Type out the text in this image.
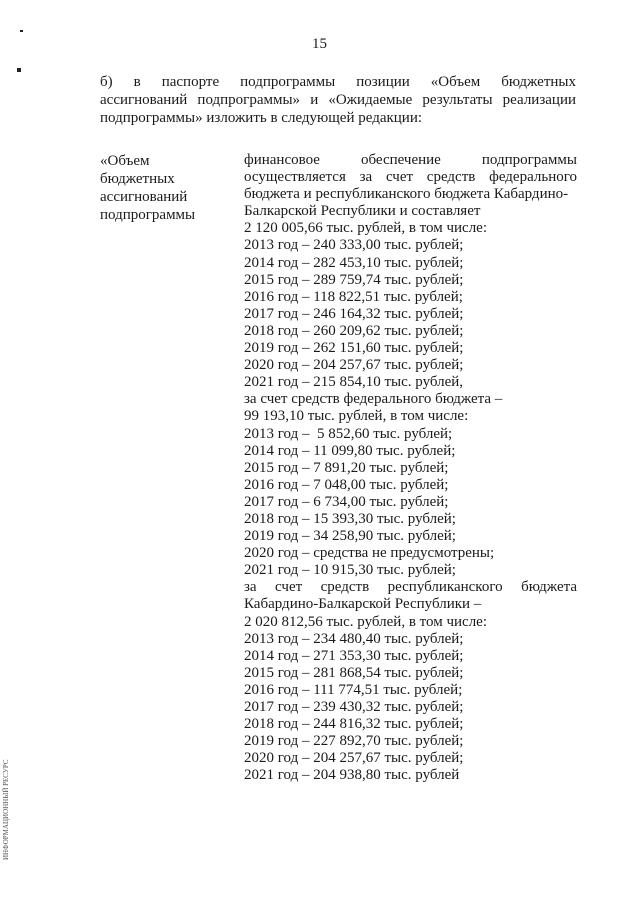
ИНФОРМАЦИОННЫЙ РЕСУРС
15
б) в паспорте подпрограммы позиции «Объем бюджетных
ассигнований подпрограммы» и «Ожидаемые результаты реализации
подпрограммы» изложить в следующей редакции:
«Объем
бюджетных
ассигнований
подпрограммы
финансовое обеспечение подпрограммы
осуществляется за счет средств федерального
бюджета и республиканского бюджета Кабардино-
Балкарской Республики и составляет
2 120 005,66 тыс. рублей, в том числе:
2013 год – 240 333,00 тыс. рублей;
2014 год – 282 453,10 тыс. рублей;
2015 год – 289 759,74 тыс. рублей;
2016 год – 118 822,51 тыс. рублей;
2017 год – 246 164,32 тыс. рублей;
2018 год – 260 209,62 тыс. рублей;
2019 год – 262 151,60 тыс. рублей;
2020 год – 204 257,67 тыс. рублей;
2021 год – 215 854,10 тыс. рублей,
за счет средств федерального бюджета –
99 193,10 тыс. рублей, в том числе:
2013 год –  5 852,60 тыс. рублей;
2014 год – 11 099,80 тыс. рублей;
2015 год – 7 891,20 тыс. рублей;
2016 год – 7 048,00 тыс. рублей;
2017 год – 6 734,00 тыс. рублей;
2018 год – 15 393,30 тыс. рублей;
2019 год – 34 258,90 тыс. рублей;
2020 год – средства не предусмотрены;
2021 год – 10 915,30 тыс. рублей;
за счет средств республиканского бюджета
Кабардино-Балкарской Республики –
2 020 812,56 тыс. рублей, в том числе:
2013 год – 234 480,40 тыс. рублей;
2014 год – 271 353,30 тыс. рублей;
2015 год – 281 868,54 тыс. рублей;
2016 год – 111 774,51 тыс. рублей;
2017 год – 239 430,32 тыс. рублей;
2018 год – 244 816,32 тыс. рублей;
2019 год – 227 892,70 тыс. рублей;
2020 год – 204 257,67 тыс. рублей;
2021 год – 204 938,80 тыс. рублей
